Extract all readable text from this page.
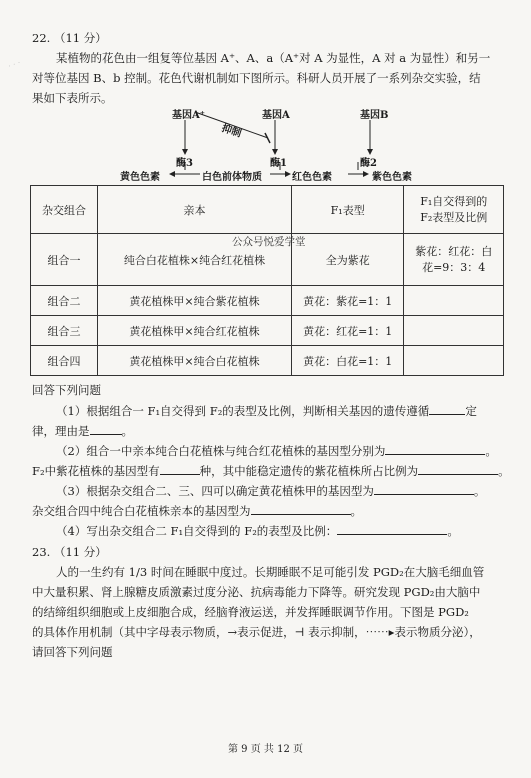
· · ·
22. （11 分）
某植物的花色由一组复等位基因 A⁺、A、a（A⁺对 A 为显性，A 对 a 为显性）和另一
对等位基因 B、b 控制。花色代谢机制如下图所示。科研人员开展了一系列杂交实验，结
果如下表所示。
基因A⁺	基因A	基因B
抑制
酶3	酶1	酶2
黄色色素	白色前体物质	红色色素	紫色色素
杂交组合	亲本	F₁表型	F₁自交得到的
F₂表型及比例

组合一	纯合白花植株×纯合红花植株	全为紫花	紫花：红花：白
花=9：3：4

组合二	黄花植株甲×纯合紫花植株	黄花：紫花=1：1	
组合三	黄花植株甲×纯合红花植株	黄花：红花=1：1	
组合四	黄花植株甲×纯合白花植株	黄花：白花=1：1	
公众号悦爱学堂
回答下列问题
（1）根据组合一 F₁自交得到 F₂的表型及比例，判断相关基因的遗传遵循	定
律，理由是	。
（2）组合一中亲本纯合白花植株与纯合红花植株的基因型分别为	。
F₂中紫花植株的基因型有	种，其中能稳定遗传的紫花植株所占比例为	。
（3）根据杂交组合二、三、四可以确定黄花植株甲的基因型为	。
杂交组合四中纯合白花植株亲本的基因型为	。
（4）写出杂交组合二 F₁自交得到的 F₂的表型及比例：	。
23. （11 分）
人的一生约有 1/3 时间在睡眠中度过。长期睡眠不足可能引发 PGD₂在大脑毛细血管
中大量积累、肾上腺糖皮质激素过度分泌、抗病毒能力下降等。研究发现 PGD₂由大脑中
的结缔组织细胞或上皮细胞合成，经脑脊液运送，并发挥睡眠调节作用。下图是 PGD₂
的具体作用机制（其中字母表示物质，→表示促进，⊣ 表示抑制，⋯⋯▸表示物质分泌），
请回答下列问题
第 9 页 共 12 页
